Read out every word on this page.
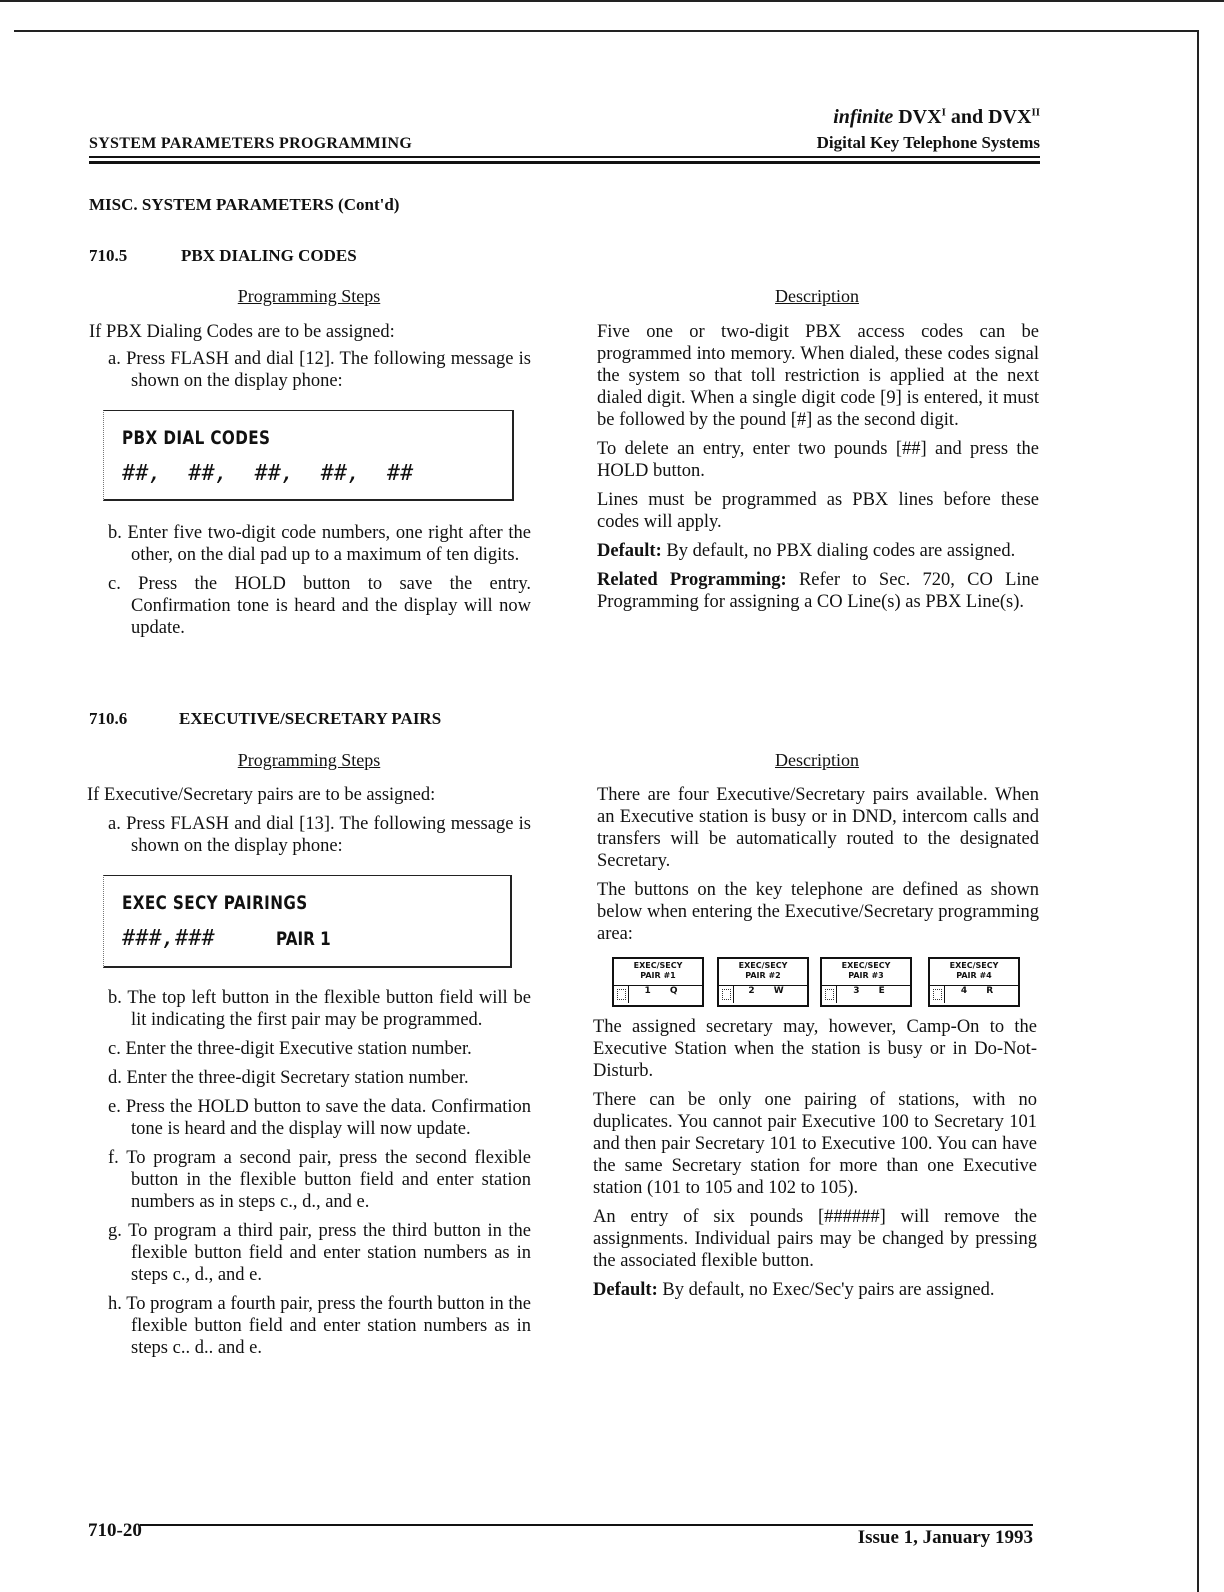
infinite $DVX^I$ and $DVX^{II}$
SYSTEM PARAMETERS PROGRAMMING	Digital Key Telephone Systems
MISC. SYSTEM PARAMETERS (Cont'd)
710.5	PBX DIALING CODES
Programming Steps	Description
If PBX Dialing Codes are to be assigned:
a. Press FLASH and dial [12]. The following message is shown on the display phone:
PBX DIAL CODES
##,  ##,  ##,  ##,  ##
b. Enter five two-digit code numbers, one right after the other, on the dial pad up to a maximum of ten digits.
c. Press the HOLD button to save the entry. Confirmation tone is heard and the display will now update.

Five one or two-digit PBX access codes can be programmed into memory. When dialed, these codes signal the system so that toll restriction is applied at the next dialed digit. When a single digit code [9] is entered, it must be followed by the pound [#] as the second digit.

To delete an entry, enter two pounds [##] and press the HOLD button.

Lines must be programmed as PBX lines before these codes will apply.

Default: By default, no PBX dialing codes are assigned.

Related Programming: Refer to Sec. 720, CO Line Programming for assigning a CO Line(s) as PBX Line(s).

710.6	EXECUTIVE/SECRETARY PAIRS
Programming Steps	Description
If Executive/Secretary pairs are to be assigned:
a. Press FLASH and dial [13]. The following message is shown on the display phone:
EXEC SECY PAIRINGS
###,###	PAIR 1
b. The top left button in the flexible button field will be lit indicating the first pair may be programmed.
c. Enter the three-digit Executive station number.
d. Enter the three-digit Secretary station number.
e. Press the HOLD button to save the data. Confirmation tone is heard and the display will now update.
f. To program a second pair, press the second flexible button in the flexible button field and enter station numbers as in steps c., d., and e.
g. To program a third pair, press the third button in the flexible button field and enter station numbers as in steps c., d., and e.
h. To program a fourth pair, press the fourth button in the flexible button field and enter station numbers as in steps c.. d.. and e.

There are four Executive/Secretary pairs available. When an Executive station is busy or in DND, intercom calls and transfers will be automatically routed to the designated Secretary.

The buttons on the key telephone are defined as shown below when entering the Executive/Secretary programming area:

EXEC/SECY
PAIR #1
1 Q
EXEC/SECY
PAIR #2
2 W
EXEC/SECY
PAIR #3
3 E
EXEC/SECY
PAIR #4
4 R

The assigned secretary may, however, Camp-On to the Executive Station when the station is busy or in Do-Not-Disturb.

There can be only one pairing of stations, with no duplicates. You cannot pair Executive 100 to Secretary 101 and then pair Secretary 101 to Executive 100. You can have the same Secretary station for more than one Executive station (101 to 105 and 102 to 105).

An entry of six pounds [######] will remove the assignments. Individual pairs may be changed by pressing the associated flexible button.

Default: By default, no Exec/Sec'y pairs are assigned.

710-20	Issue 1, January 1993
